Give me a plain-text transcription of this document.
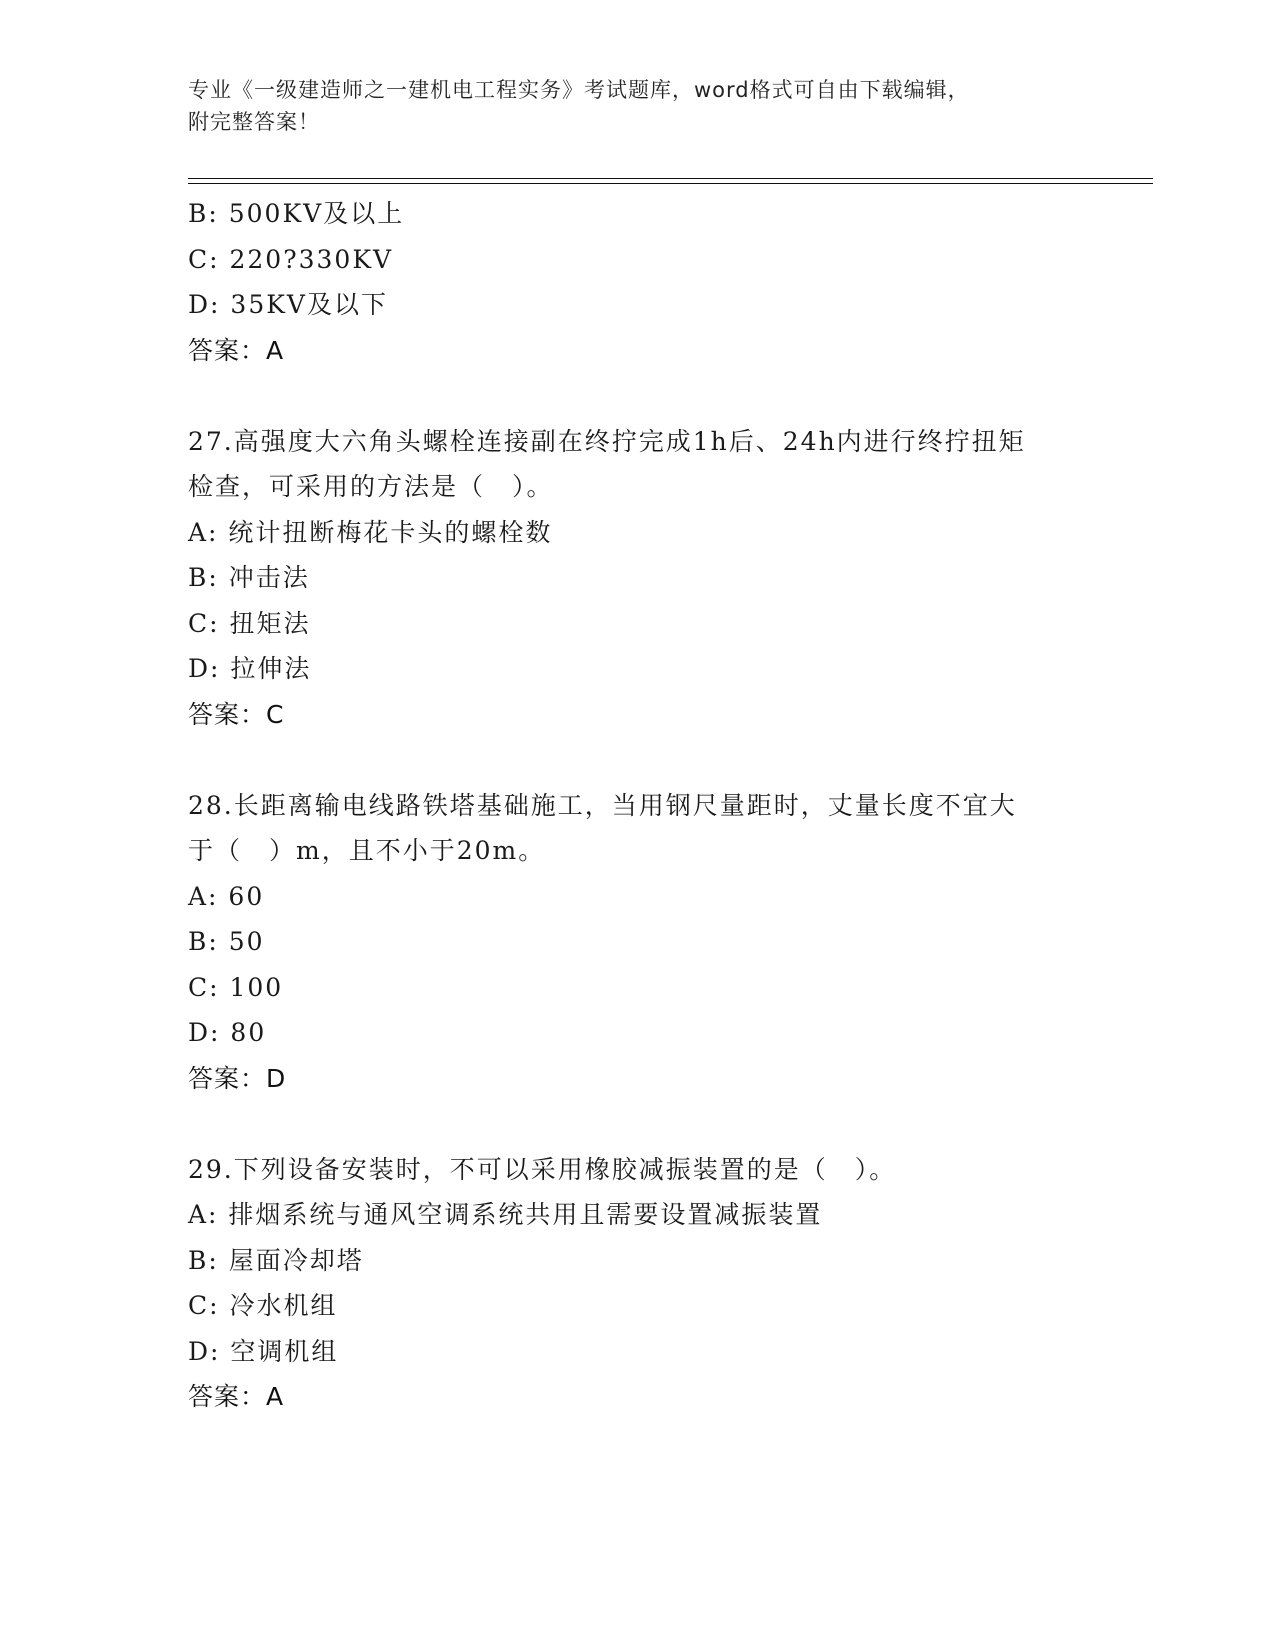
专业《一级建造师之一建机电工程实务》考试题库，word格式可自由下载编辑，
附完整答案！
B: 500KV及以上
C: 220?330KV
D: 35KV及以下
答案：A
27.高强度大六角头螺栓连接副在终拧完成1h后、24h内进行终拧扭矩
检查，可采用的方法是（　）。
A: 统计扭断梅花卡头的螺栓数
B: 冲击法
C: 扭矩法
D: 拉伸法
答案：C
28.长距离输电线路铁塔基础施工，当用钢尺量距时，丈量长度不宜大
于（　）m，且不小于20m。
A: 60
B: 50
C: 100
D: 80
答案：D
29.下列设备安装时，不可以采用橡胶减振装置的是（　）。
A: 排烟系统与通风空调系统共用且需要设置减振装置
B: 屋面冷却塔
C: 冷水机组
D: 空调机组
答案：A
